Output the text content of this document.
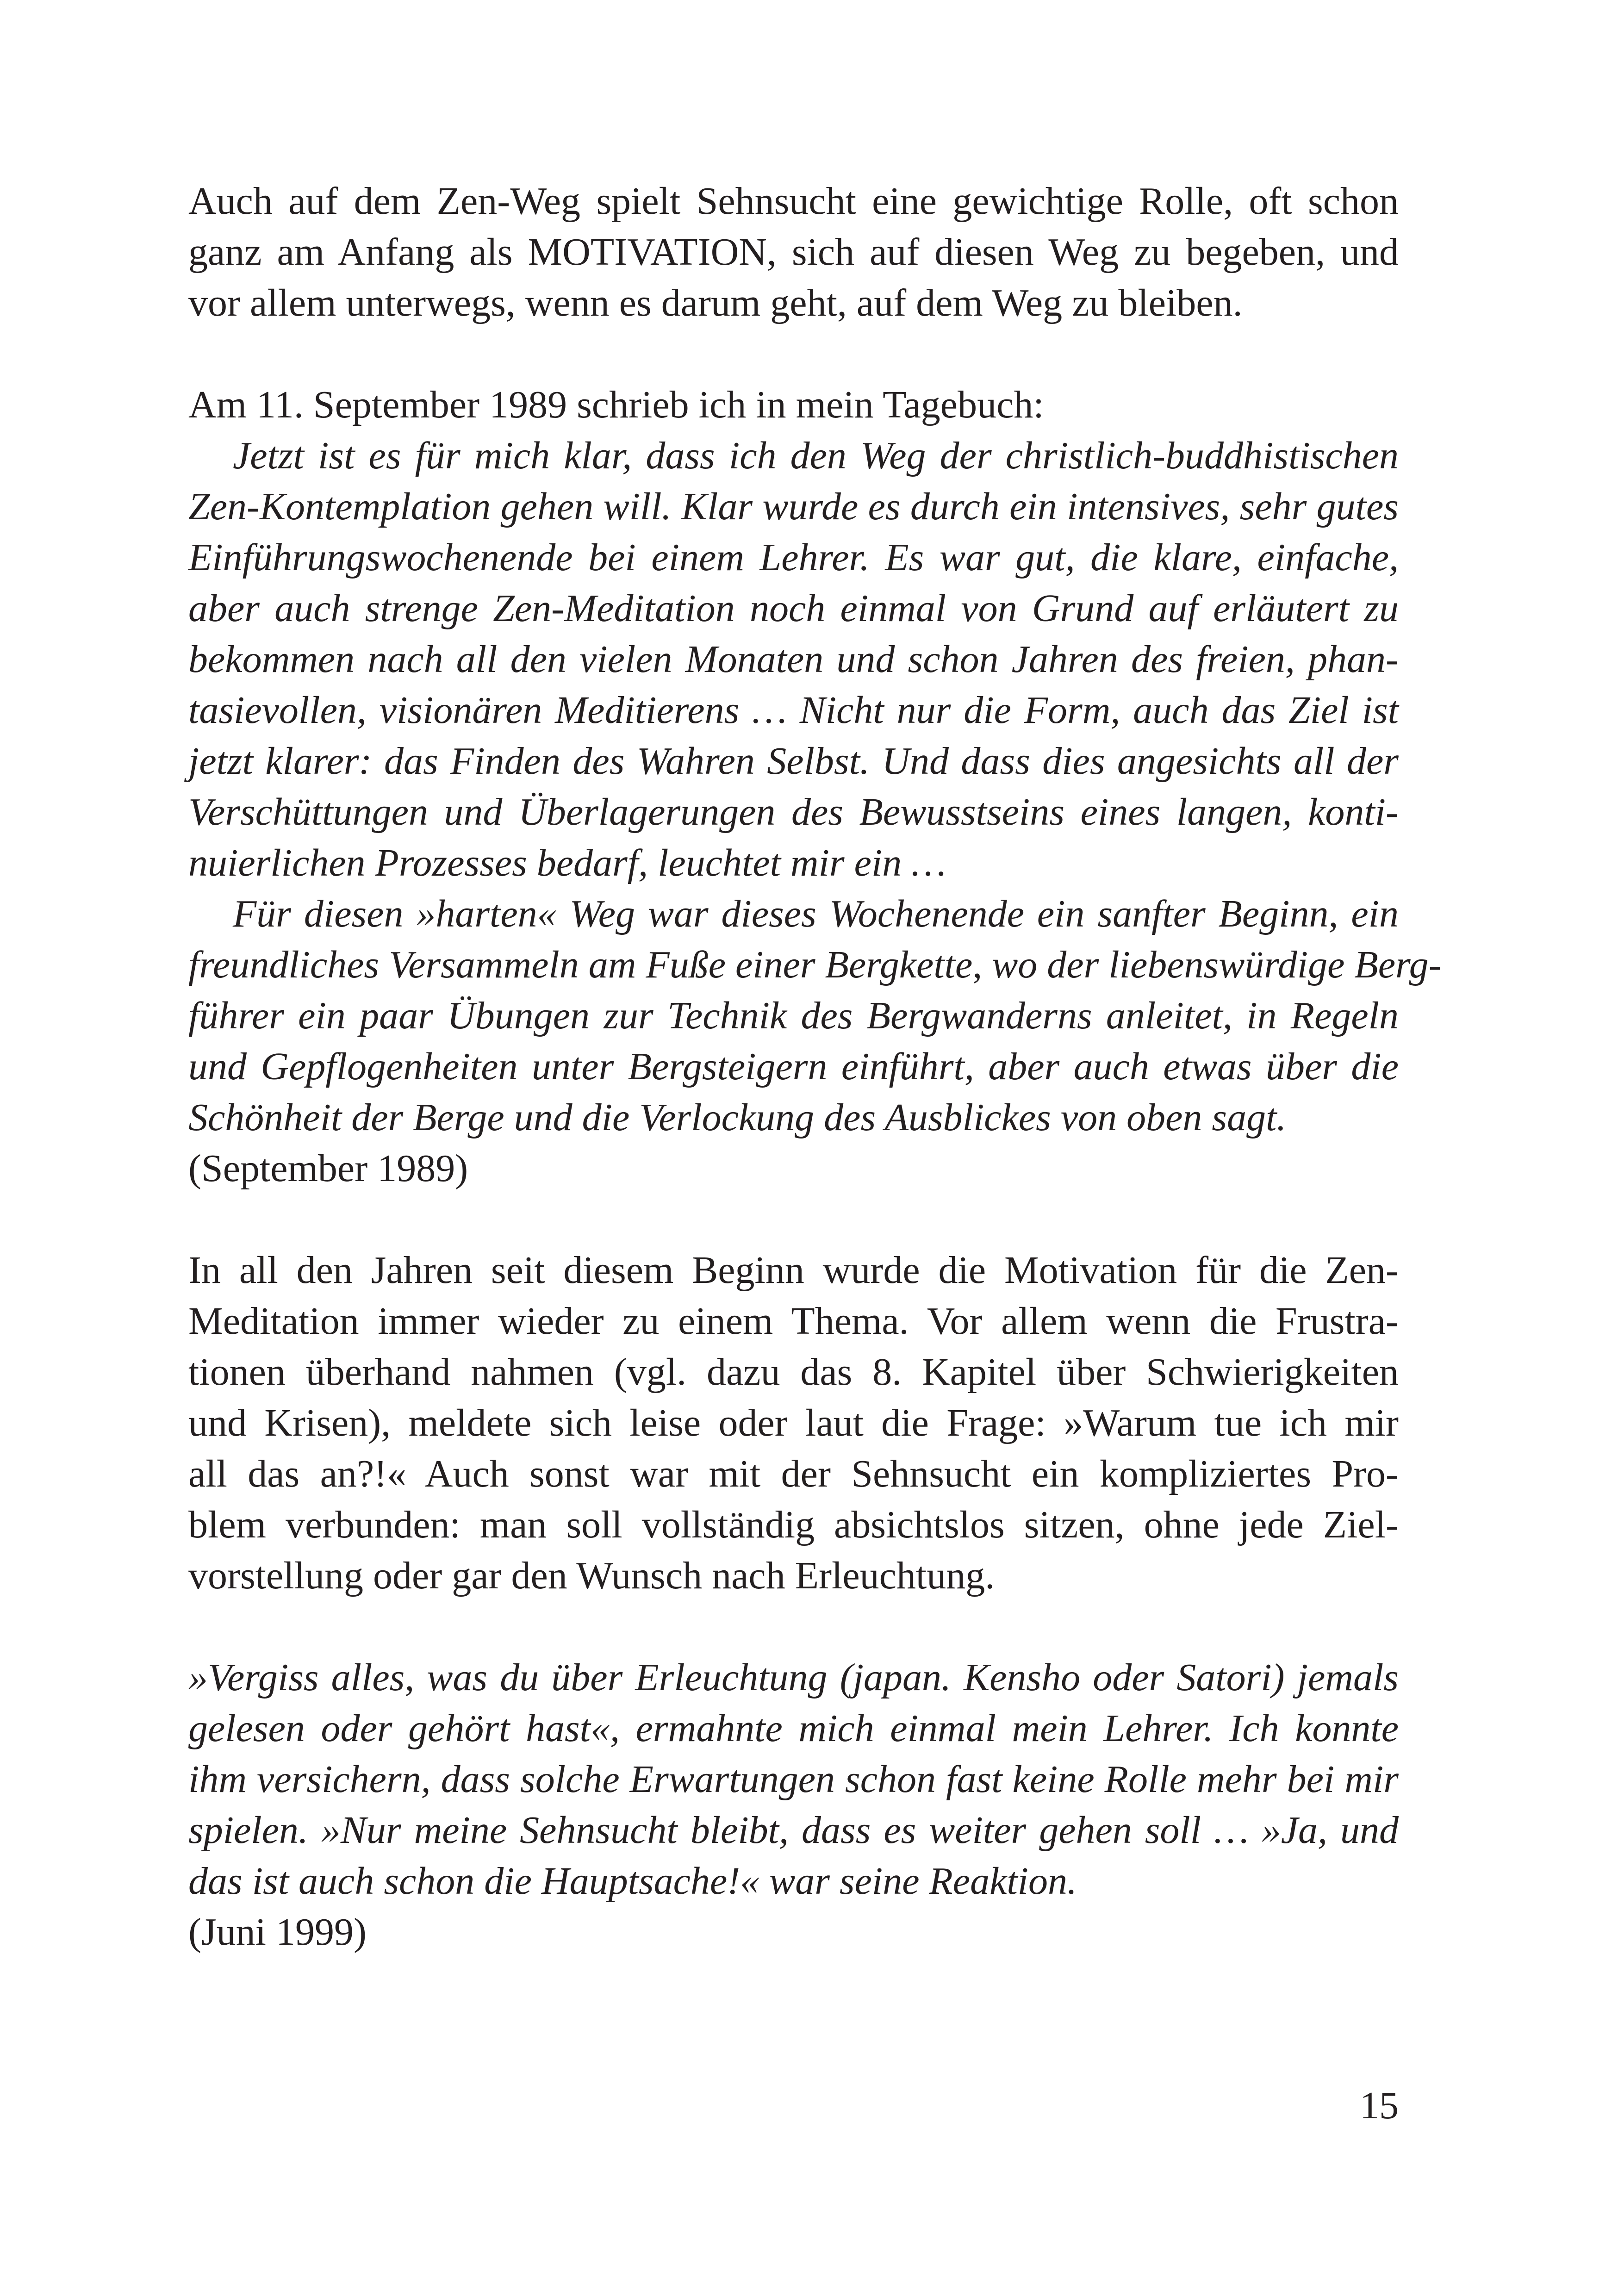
Auch auf dem Zen-Weg spielt Sehnsucht eine gewichtige Rolle, oft schon
ganz am Anfang als MOTIVATION, sich auf diesen Weg zu begeben, und
vor allem unterwegs, wenn es darum geht, auf dem Weg zu bleiben.
Am 11. September 1989 schrieb ich in mein Tagebuch:
Jetzt ist es für mich klar, dass ich den Weg der christlich-buddhistischen
Zen-Kontemplation gehen will. Klar wurde es durch ein intensives, sehr gutes
Einführungswochenende bei einem Lehrer. Es war gut, die klare, einfache,
aber auch strenge Zen-Meditation noch einmal von Grund auf erläutert zu
bekommen nach all den vielen Monaten und schon Jahren des freien, phan-
tasievollen, visionären Meditierens … Nicht nur die Form, auch das Ziel ist
jetzt klarer: das Finden des Wahren Selbst. Und dass dies angesichts all der
Verschüttungen und Überlagerungen des Bewusstseins eines langen, konti-
nuierlichen Prozesses bedarf, leuchtet mir ein …
Für diesen »harten« Weg war dieses Wochenende ein sanfter Beginn, ein
freundliches Versammeln am Fuße einer Bergkette, wo der liebenswürdige Berg-
führer ein paar Übungen zur Technik des Bergwanderns anleitet, in Regeln
und Gepflogenheiten unter Bergsteigern einführt, aber auch etwas über die
Schönheit der Berge und die Verlockung des Ausblickes von oben sagt.
(September 1989)
In all den Jahren seit diesem Beginn wurde die Motivation für die Zen-
Meditation immer wieder zu einem Thema. Vor allem wenn die Frustra-
tionen überhand nahmen (vgl. dazu das 8. Kapitel über Schwierigkeiten
und Krisen), meldete sich leise oder laut die Frage: »Warum tue ich mir
all das an?!« Auch sonst war mit der Sehnsucht ein kompliziertes Pro-
blem verbunden: man soll vollständig absichtslos sitzen, ohne jede Ziel-
vorstellung oder gar den Wunsch nach Erleuchtung.
»Vergiss alles, was du über Erleuchtung (japan. Kensho oder Satori) jemals
gelesen oder gehört hast«, ermahnte mich einmal mein Lehrer. Ich konnte
ihm versichern, dass solche Erwartungen schon fast keine Rolle mehr bei mir
spielen. »Nur meine Sehnsucht bleibt, dass es weiter gehen soll … »Ja, und
das ist auch schon die Hauptsache!« war seine Reaktion.
(Juni 1999)
15
